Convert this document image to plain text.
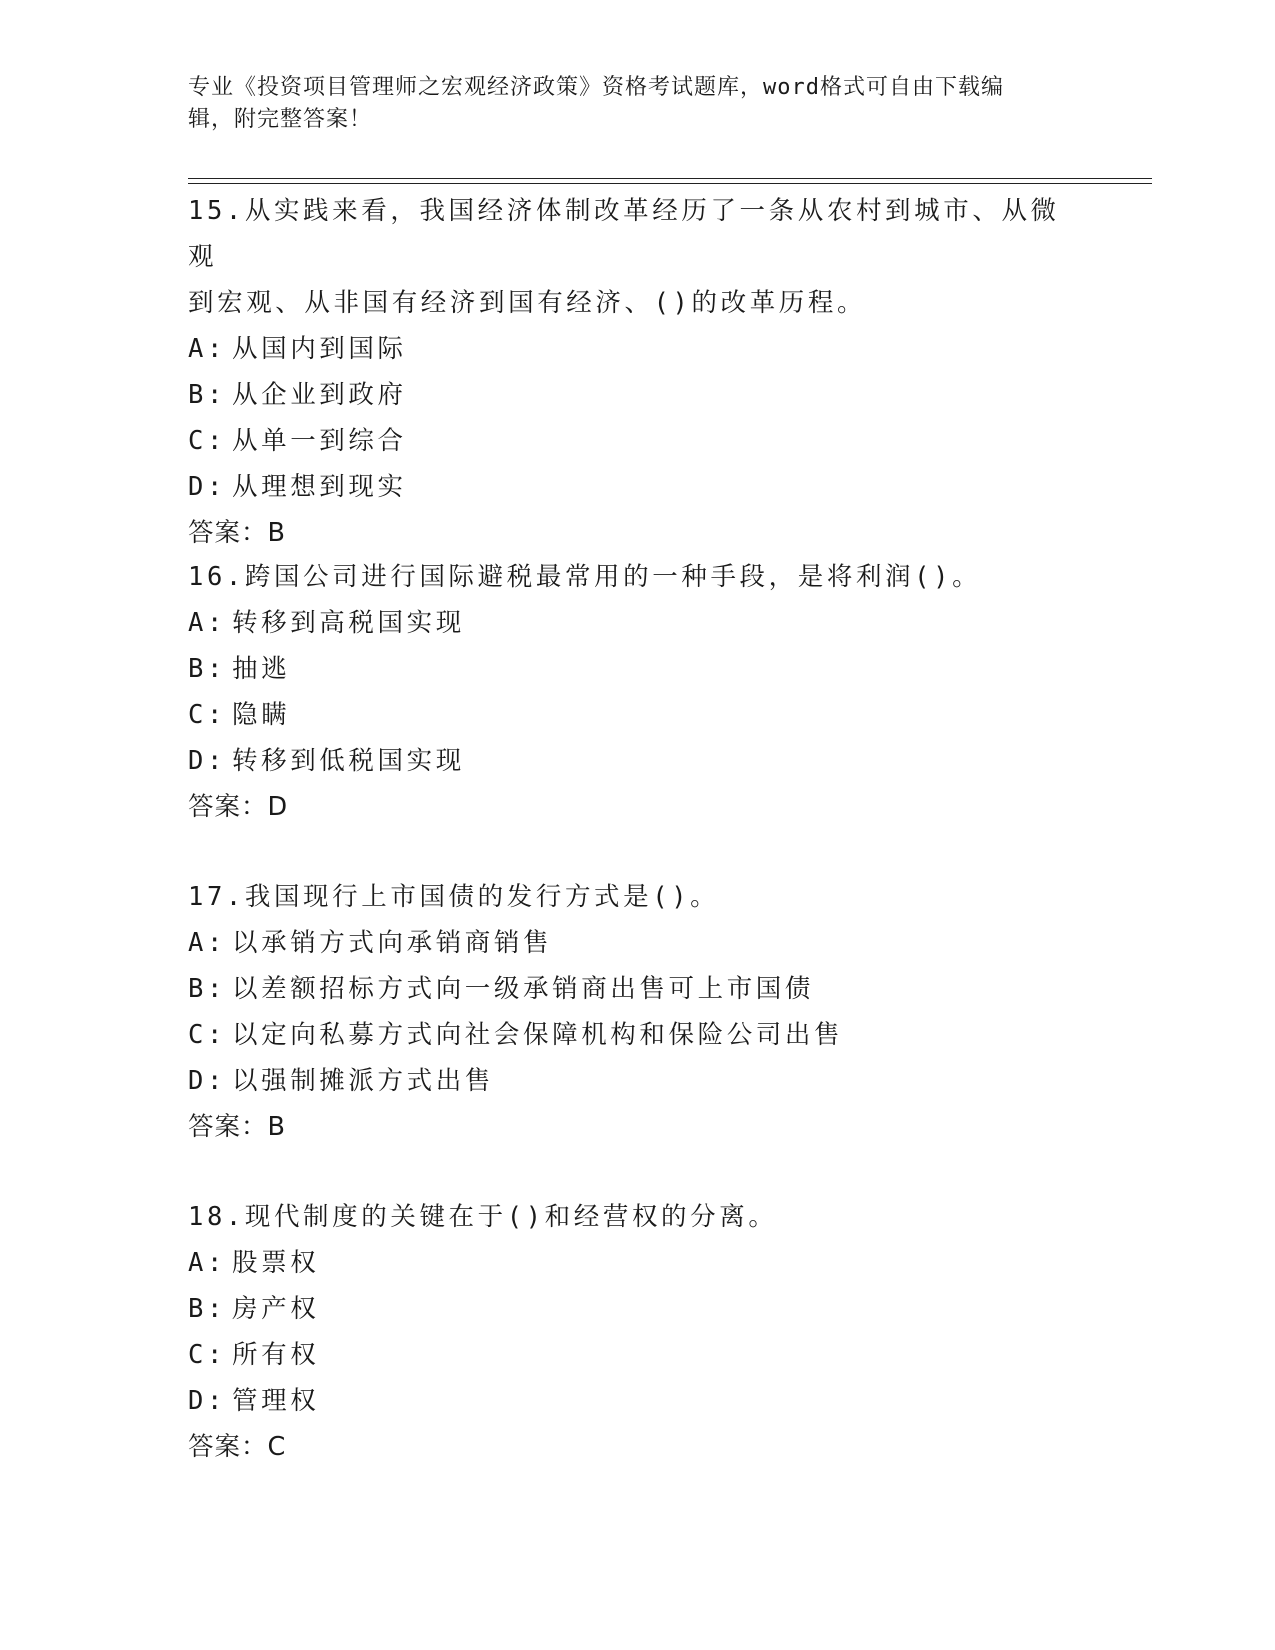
专业《投资项目管理师之宏观经济政策》资格考试题库，word格式可自由下载编
辑，附完整答案！

15.从实践来看，我国经济体制改革经历了一条从农村到城市、从微观

到宏观、从非国有经济到国有经济、()的改革历程。

A: 从国内到国际
B: 从企业到政府
C: 从单一到综合
D: 从理想到现实

答案：B

16.跨国公司进行国际避税最常用的一种手段，是将利润()。

A: 转移到高税国实现
B: 抽逃
C: 隐瞒
D: 转移到低税国实现

答案：D

17.我国现行上市国债的发行方式是()。

A: 以承销方式向承销商销售
B: 以差额招标方式向一级承销商出售可上市国债
C: 以定向私募方式向社会保障机构和保险公司出售
D: 以强制摊派方式出售

答案：B

18.现代制度的关键在于()和经营权的分离。

A: 股票权
B: 房产权
C: 所有权
D: 管理权

答案：C
